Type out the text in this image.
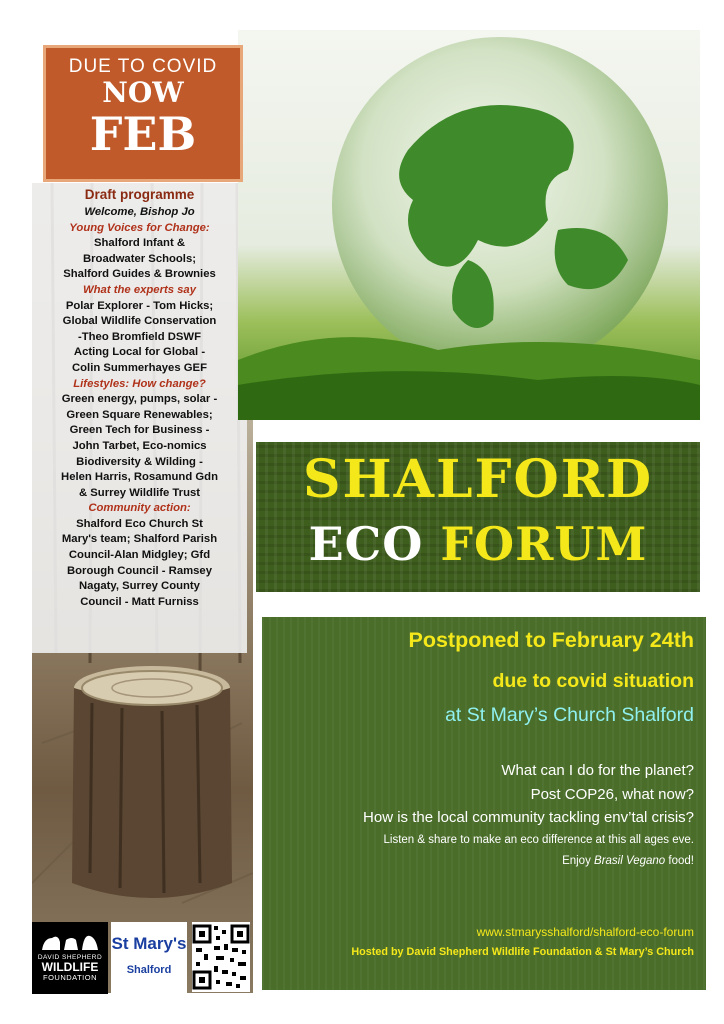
Draft programme
Welcome, Bishop Jo
Young Voices for Change:
Shalford Infant &
Broadwater Schools;
Shalford Guides & Brownies
What the experts say
Polar Explorer - Tom Hicks;
Global Wildlife Conservation
-Theo Bromfield DSWF
Acting Local for Global -
Colin Summerhayes GEF
Lifestyles: How change?
Green energy, pumps, solar -
Green Square Renewables;
Green Tech for Business -
John Tarbet, Eco-nomics
Biodiversity & Wilding -
Helen Harris, Rosamund Gdn
& Surrey Wildlife Trust
Community action:
Shalford Eco Church St
Mary's team; Shalford Parish
Council-Alan Midgley; Gfd
Borough Council - Ramsey
Nagaty, Surrey County
Council - Matt Furniss
DUE TO COVID
NOW
FEB
SHALFORD
ECO FORUM
Postponed to February 24th
due to covid situation
at St Mary’s Church Shalford
What can I do for the planet?
Post COP26, what now?
How is the local community tackling env’tal crisis?
Listen & share to make an eco difference at this all ages eve.
Enjoy Brasil Vegano food!
www.stmarysshalford/shalford-eco-forum
Hosted by David Shepherd Wildlife Foundation & St Mary’s Church
DAVID SHEPHERD
WILDLIFE
FOUNDATION
St Mary's
Shalford
